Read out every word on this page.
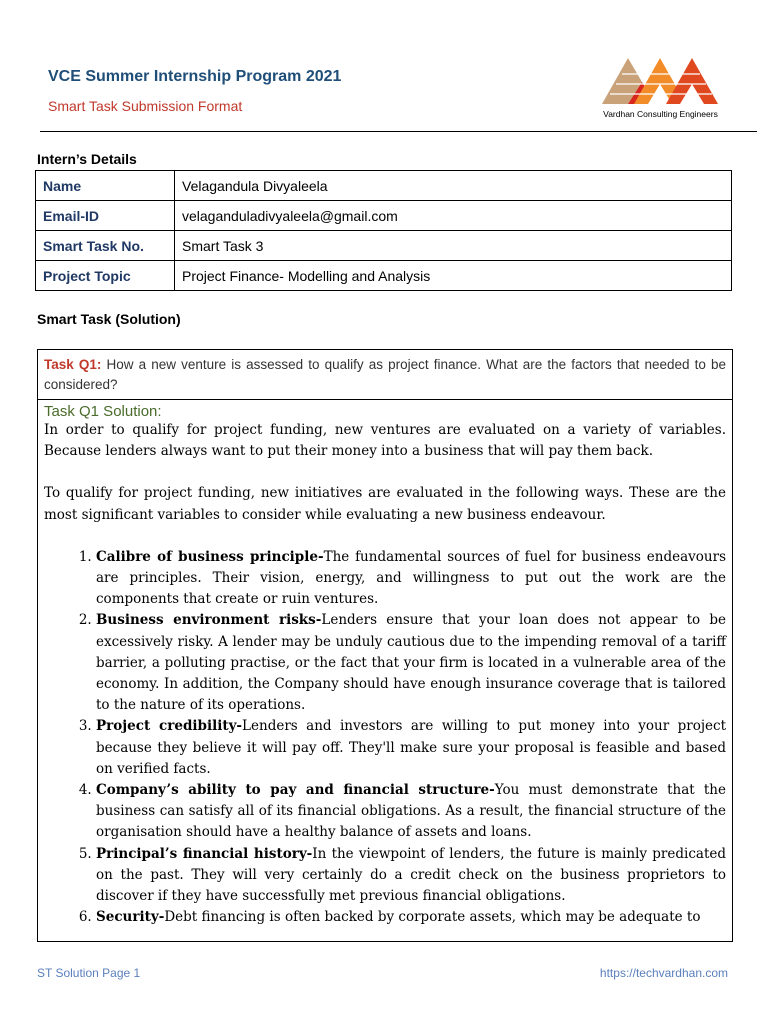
VCE Summer Internship Program 2021
Smart Task Submission Format	Vardhan Consulting Engineers
Intern’s Details
Name	Velagandula Divyaleela
Email-ID	velaganduladivyaleela@gmail.com
Smart Task No.	Smart Task 3
Project Topic	Project Finance- Modelling and Analysis
Smart Task (Solution)
Task Q1: How a new venture is assessed to qualify as project finance. What are the factors that needed to be considered?
Task Q1 Solution:

In order to qualify for project funding, new ventures are evaluated on a variety of variables. Because lenders always want to put their money into a business that will pay them back.

To qualify for project funding, new initiatives are evaluated in the following ways. These are the most significant variables to consider while evaluating a new business endeavour.

1. Calibre of business principle-The fundamental sources of fuel for business endeavours are principles. Their vision, energy, and willingness to put out the work are the components that create or ruin ventures.
2. Business environment risks-Lenders ensure that your loan does not appear to be excessively risky. A lender may be unduly cautious due to the impending removal of a tariff barrier, a polluting practise, or the fact that your firm is located in a vulnerable area of the economy. In addition, the Company should have enough insurance coverage that is tailored to the nature of its operations.
3. Project credibility-Lenders and investors are willing to put money into your project because they believe it will pay off. They'll make sure your proposal is feasible and based on verified facts.
4. Company’s ability to pay and financial structure-You must demonstrate that the business can satisfy all of its financial obligations. As a result, the financial structure of the organisation should have a healthy balance of assets and loans.
5. Principal’s financial history-In the viewpoint of lenders, the future is mainly predicated on the past. They will very certainly do a credit check on the business proprietors to discover if they have successfully met previous financial obligations.
6. Security-Debt financing is often backed by corporate assets, which may be adequate to
ST Solution Page 1	https://techvardhan.com
